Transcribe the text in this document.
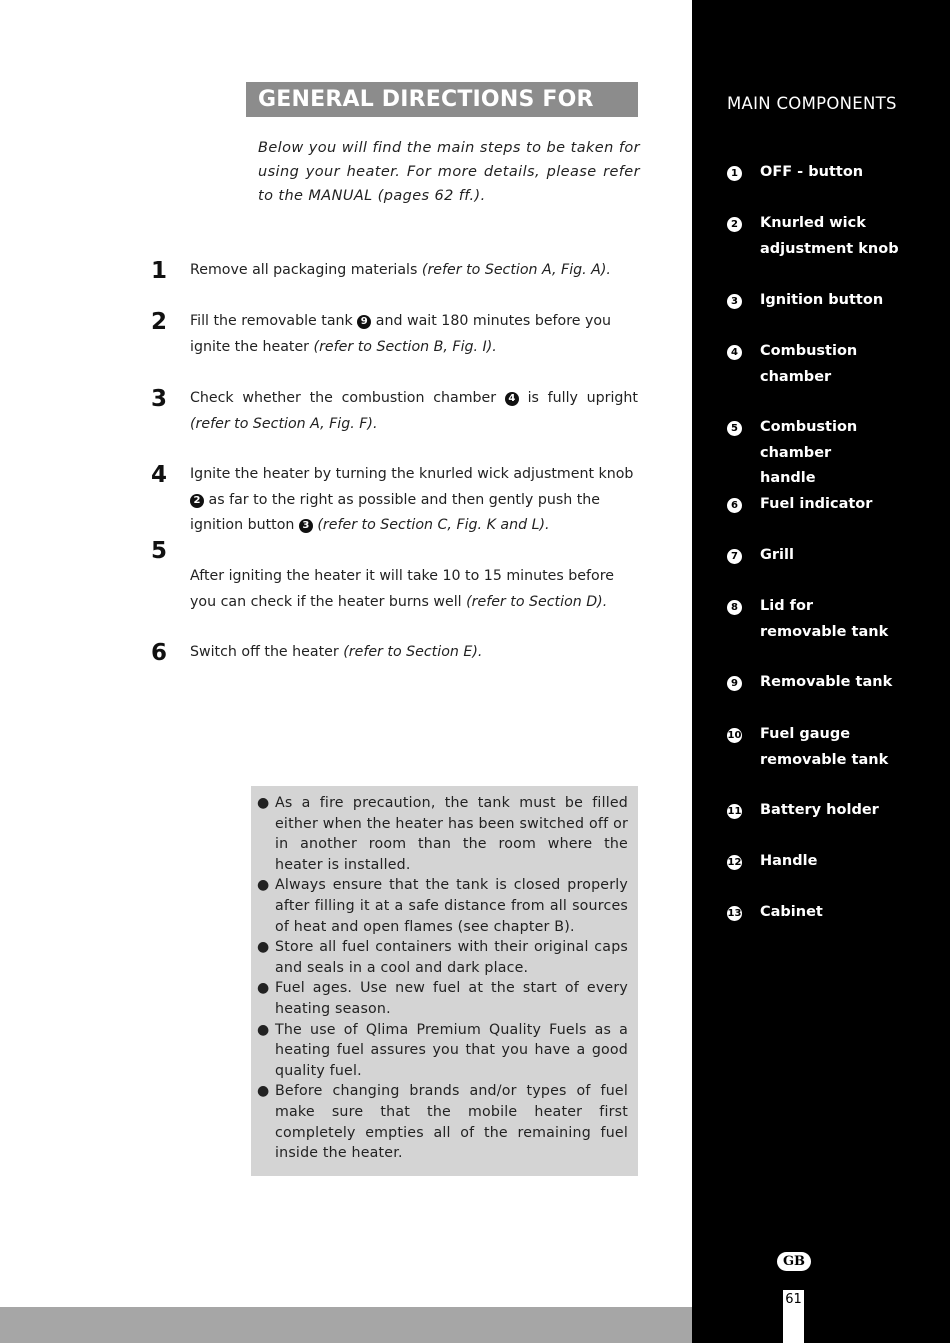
GENERAL DIRECTIONS FOR USE
Below you will find the main steps to be taken for using your heater. For more details, please refer to the MANUAL (pages 62 ff.).
1 Remove all packaging materials (refer to Section A, Fig. A).
2 Fill the removable tank 9 and wait 180 minutes before you ignite the heater (refer to Section B, Fig. I).
3 Check whether the combustion chamber 4 is fully upright (refer to Section A, Fig. F).
4 Ignite the heater by turning the knurled wick adjustment knob 2 as far to the right as possible and then gently push the ignition button 3 (refer to Section C, Fig. K and L).
5
After igniting the heater it will take 10 to 15 minutes before you can check if the heater burns well (refer to Section D).
6 Switch off the heater (refer to Section E).
● As a fire precaution, the tank must be filled either when the heater has been switched off or in another room than the room where the heater is installed.
● Always ensure that the tank is closed properly after filling it at a safe distance from all sources of heat and open flames (see chapter B).
● Store all fuel containers with their original caps and seals in a cool and dark place.
● Fuel ages. Use new fuel at the start of every heating season.
● The use of Qlima Premium Quality Fuels as a heating fuel assures you that you have a good quality fuel.
● Before changing brands and/or types of fuel make sure that the mobile heater first completely empties all of the remaining fuel inside the heater.
MAIN COMPONENTS
1 OFF - button
2 Knurled wick adjustment knob
3 Ignition button
4 Combustion chamber
5 Combustion chamber handle
6 Fuel indicator
7 Grill
8 Lid for removable tank
9 Removable tank
10 Fuel gauge removable tank
11 Battery holder
12 Handle
13 Cabinet
GB
61
